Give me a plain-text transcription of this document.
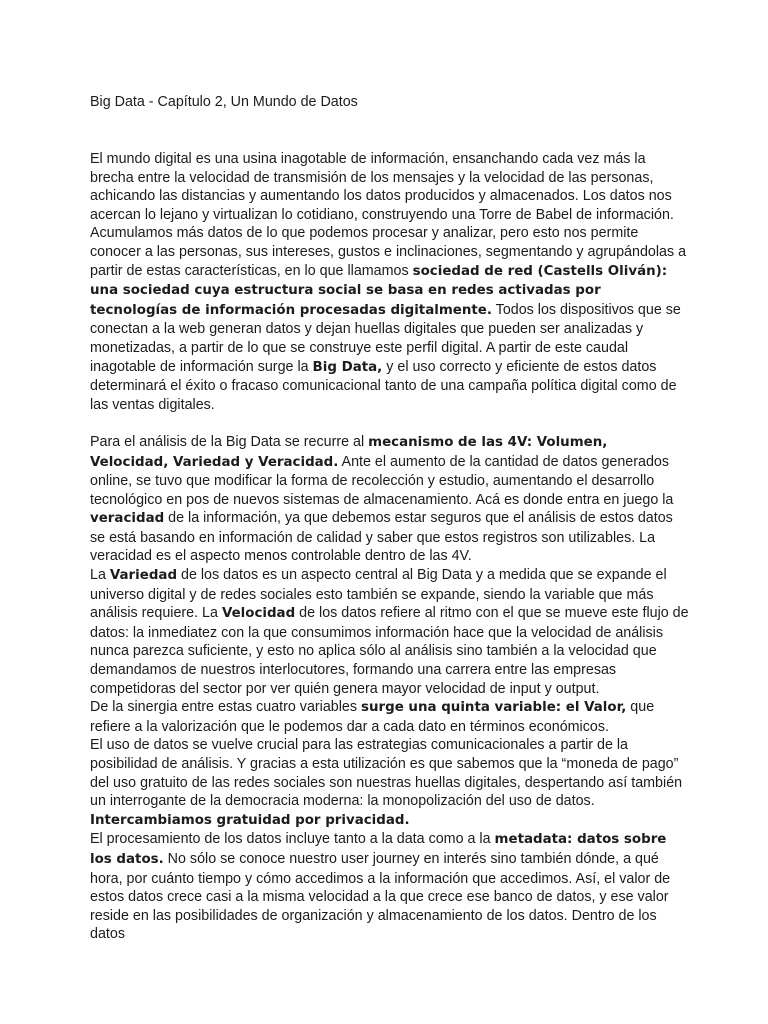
Big Data - Capítulo 2, Un Mundo de Datos

El mundo digital es una usina inagotable de información, ensanchando cada vez más la brecha entre la velocidad de transmisión de los mensajes y la velocidad de las personas, achicando las distancias y aumentando los datos producidos y almacenados. Los datos nos acercan lo lejano y virtualizan lo cotidiano, construyendo una Torre de Babel de información. Acumulamos más datos de lo que podemos procesar y analizar, pero esto nos permite conocer a las personas, sus intereses, gustos e inclinaciones, segmentando y agrupándolas a partir de estas características, en lo que llamamos sociedad de red (Castells Oliván): una sociedad cuya estructura social se basa en redes activadas por tecnologías de información procesadas digitalmente. Todos los dispositivos que se conectan a la web generan datos y dejan huellas digitales que pueden ser analizadas y monetizadas, a partir de lo que se construye este perfil digital. A partir de este caudal inagotable de información surge la Big Data, y el uso correcto y eficiente de estos datos determinará el éxito o fracaso comunicacional tanto de una campaña política digital como de las ventas digitales.

Para el análisis de la Big Data se recurre al mecanismo de las 4V: Volumen, Velocidad, Variedad y Veracidad. Ante el aumento de la cantidad de datos generados online, se tuvo que modificar la forma de recolección y estudio, aumentando el desarrollo tecnológico en pos de nuevos sistemas de almacenamiento. Acá es donde entra en juego la veracidad de la información, ya que debemos estar seguros que el análisis de estos datos se está basando en información de calidad y saber que estos registros son utilizables. La veracidad es el aspecto menos controlable dentro de las 4V.

La Variedad de los datos es un aspecto central al Big Data y a medida que se expande el universo digital y de redes sociales esto también se expande, siendo la variable que más análisis requiere. La Velocidad de los datos refiere al ritmo con el que se mueve este flujo de datos: la inmediatez con la que consumimos información hace que la velocidad de análisis nunca parezca suficiente, y esto no aplica sólo al análisis sino también a la velocidad que demandamos de nuestros interlocutores, formando una carrera entre las empresas competidoras del sector por ver quién genera mayor velocidad de input y output.

De la sinergia entre estas cuatro variables surge una quinta variable: el Valor, que refiere a la valorización que le podemos dar a cada dato en términos económicos.

El uso de datos se vuelve crucial para las estrategias comunicacionales a partir de la posibilidad de análisis. Y gracias a esta utilización es que sabemos que la “moneda de pago” del uso gratuito de las redes sociales son nuestras huellas digitales, despertando así también un interrogante de la democracia moderna: la monopolización del uso de datos.

Intercambiamos gratuidad por privacidad.

El procesamiento de los datos incluye tanto a la data como a la metadata: datos sobre los datos. No sólo se conoce nuestro user journey en interés sino también dónde, a qué hora, por cuánto tiempo y cómo accedimos a la información que accedimos. Así, el valor de estos datos crece casi a la misma velocidad a la que crece ese banco de datos, y ese valor reside en las posibilidades de organización y almacenamiento de los datos. Dentro de los datos
